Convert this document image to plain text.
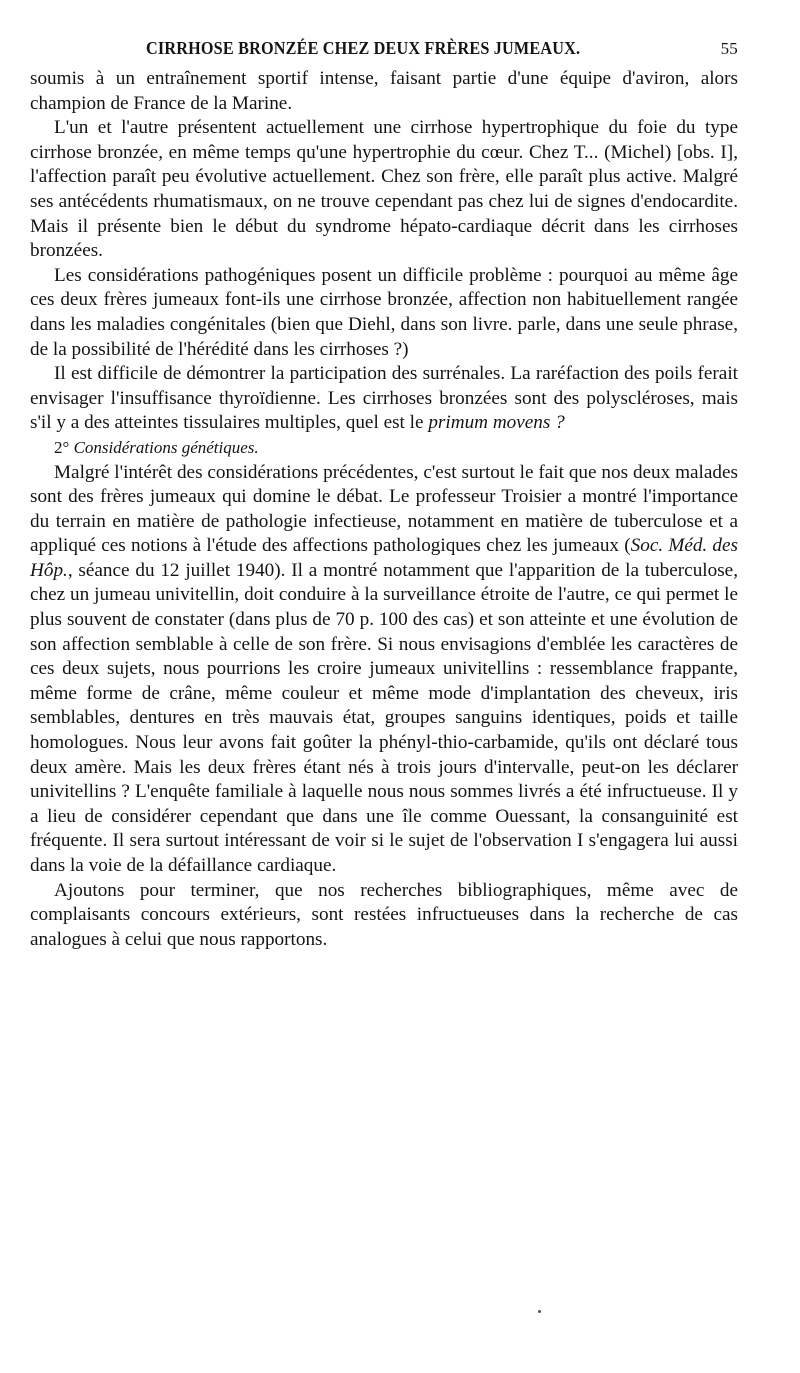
CIRRHOSE BRONZÉE CHEZ DEUX FRÈRES JUMEAUX.	55

soumis à un entraînement sportif intense, faisant partie d'une équipe d'aviron, alors champion de France de la Marine.

L'un et l'autre présentent actuellement une cirrhose hypertrophique du foie du type cirrhose bronzée, en même temps qu'une hypertrophie du cœur. Chez T... (Michel) [obs. I], l'affection paraît peu évolutive actuellement. Chez son frère, elle paraît plus active. Malgré ses antécédents rhumatismaux, on ne trouve cependant pas chez lui de signes d'endocardite. Mais il présente bien le début du syndrome hépato-cardiaque décrit dans les cirrhoses bronzées.

Les considérations pathogéniques posent un difficile problème : pourquoi au même âge ces deux frères jumeaux font-ils une cirrhose bronzée, affection non habituellement rangée dans les maladies congénitales (bien que Diehl, dans son livre. parle, dans une seule phrase, de la possibilité de l'hérédité dans les cirrhoses ?)

Il est difficile de démontrer la participation des surrénales. La raréfaction des poils ferait envisager l'insuffisance thyroïdienne. Les cirrhoses bronzées sont des polyscléroses, mais s'il y a des atteintes tissulaires multiples, quel est le primum movens ?

2° Considérations génétiques.

Malgré l'intérêt des considérations précédentes, c'est surtout le fait que nos deux malades sont des frères jumeaux qui domine le débat. Le professeur Troisier a montré l'importance du terrain en matière de pathologie infectieuse, notamment en matière de tuberculose et a appliqué ces notions à l'étude des affections pathologiques chez les jumeaux (Soc. Méd. des Hôp., séance du 12 juillet 1940). Il a montré notamment que l'apparition de la tuberculose, chez un jumeau univitellin, doit conduire à la surveillance étroite de l'autre, ce qui permet le plus souvent de constater (dans plus de 70 p. 100 des cas) et son atteinte et une évolution de son affection semblable à celle de son frère. Si nous envisagions d'emblée les caractères de ces deux sujets, nous pourrions les croire jumeaux univitellins : ressemblance frappante, même forme de crâne, même couleur et même mode d'implantation des cheveux, iris semblables, dentures en très mauvais état, groupes sanguins identiques, poids et taille homologues. Nous leur avons fait goûter la phényl-thio-carbamide, qu'ils ont déclaré tous deux amère. Mais les deux frères étant nés à trois jours d'intervalle, peut-on les déclarer univitellins ? L'enquête familiale à laquelle nous nous sommes livrés a été infructueuse. Il y a lieu de considérer cependant que dans une île comme Ouessant, la consanguinité est fréquente. Il sera surtout intéressant de voir si le sujet de l'observation I s'engagera lui aussi dans la voie de la défaillance cardiaque.

Ajoutons pour terminer, que nos recherches bibliographiques, même avec de complaisants concours extérieurs, sont restées infructueuses dans la recherche de cas analogues à celui que nous rapportons.
